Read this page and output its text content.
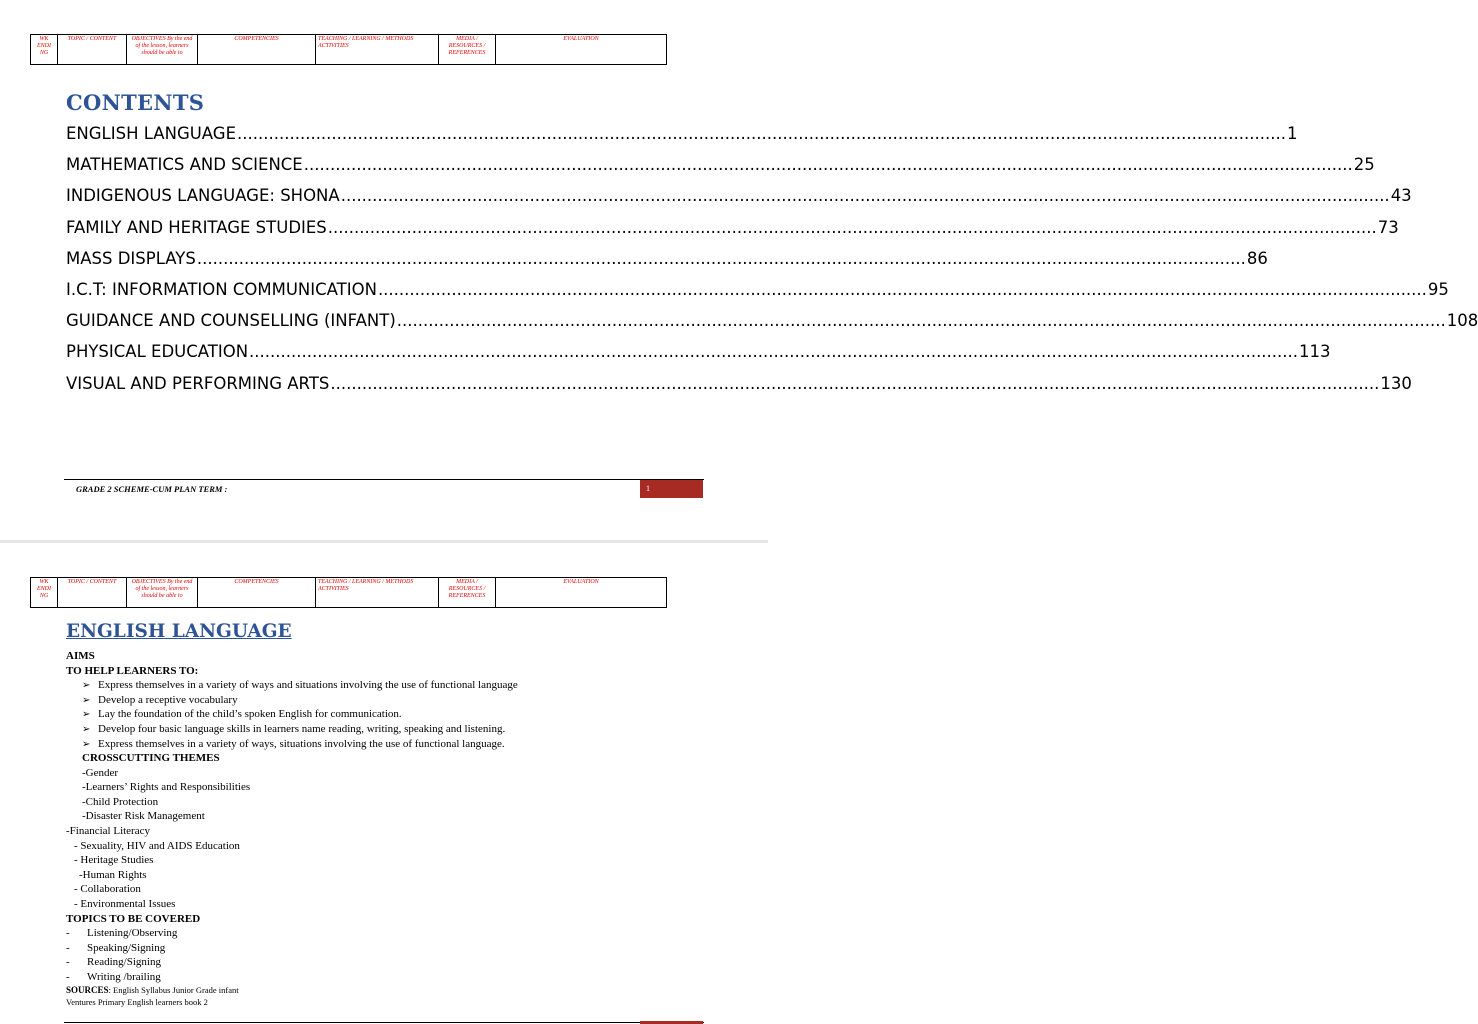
WK ENDI NG	TOPIC / CONTENT	OBJECTIVES By the end of the lesson, learners should be able to	COMPETENCIES	TEACHING / LEARNING / METHODS ACTIVITIES	MEDIA / RESOURCES / REFERENCES	EVALUATION
CONTENTS
ENGLISH LANGUAGE ........................................................................................................................................................................................................ 1
MATHEMATICS AND SCIENCE ........................................................................................................................................................................................................ 25
INDIGENOUS LANGUAGE: SHONA ........................................................................................................................................................................................................ 43
FAMILY AND HERITAGE STUDIES ........................................................................................................................................................................................................ 73
MASS DISPLAYS ........................................................................................................................................................................................................ 86
I.C.T: INFORMATION COMMUNICATION ........................................................................................................................................................................................................ 95
GUIDANCE AND COUNSELLING (INFANT) ........................................................................................................................................................................................................ 108
PHYSICAL EDUCATION ........................................................................................................................................................................................................ 113
VISUAL AND PERFORMING ARTS ........................................................................................................................................................................................................ 130
GRADE 2 SCHEME-CUM PLAN TERM :	1
WK ENDI NG	TOPIC / CONTENT	OBJECTIVES By the end of the lesson, learners should be able to	COMPETENCIES	TEACHING / LEARNING / METHODS ACTIVITIES	MEDIA / RESOURCES / REFERENCES	EVALUATION
ENGLISH LANGUAGE
AIMS
TO HELP LEARNERS TO:
➢ Express themselves in a variety of ways and situations involving the use of functional language
➢ Develop a receptive vocabulary
➢ Lay the foundation of the child’s spoken English for communication.
➢ Develop four basic language skills in learners name reading, writing, speaking and listening.
➢ Express themselves in a variety of ways, situations involving the use of functional language.
CROSSCUTTING THEMES
-Gender
-Learners’ Rights and Responsibilities
-Child Protection
-Disaster Risk Management
-Financial Literacy
- Sexuality, HIV and AIDS Education
- Heritage Studies
-Human Rights
- Collaboration
- Environmental Issues
TOPICS TO BE COVERED
- Listening/Observing
- Speaking/Signing
- Reading/Signing
- Writing /brailing
SOURCES: English Syllabus Junior Grade infant
Ventures Primary English learners book 2
